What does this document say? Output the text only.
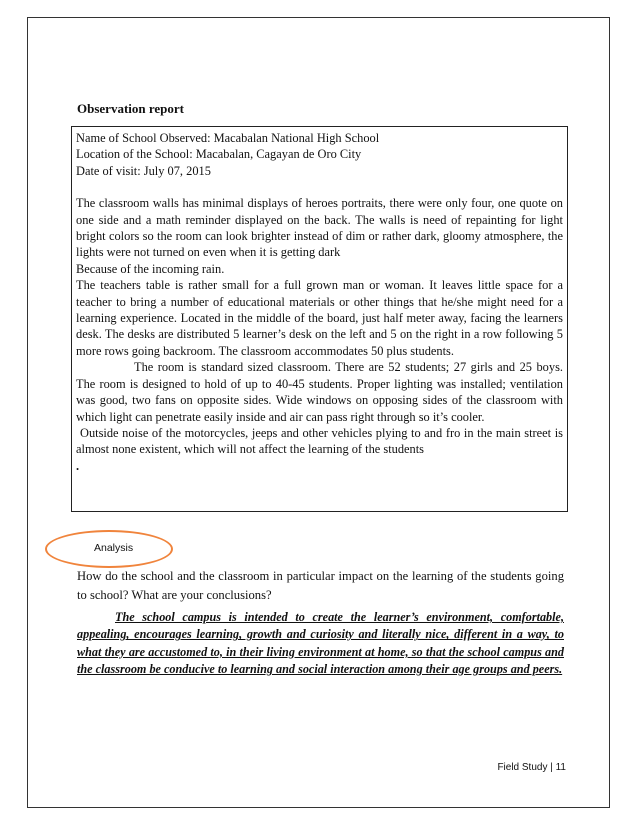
Observation report

Name of School Observed: Macabalan National High School

Location of the School: Macabalan, Cagayan de Oro City

Date of visit: July 07, 2015

The classroom walls has minimal displays of heroes portraits, there were only four, one quote on one side and a math reminder displayed on the back. The walls is need of repainting for light bright colors so the room can look brighter instead of dim or rather dark, gloomy atmosphere, the lights were not turned on even when it is getting dark

Because of the incoming rain.

The teachers table is rather small for a full grown man or woman. It leaves little space for a teacher to bring a number of educational materials or other things that he/she might need for a learning experience. Located in the middle of the board, just half meter away, facing the learners desk. The desks are distributed 5 learner’s desk on the left and 5 on the right in a row following 5 more rows going backroom. The classroom accommodates 50 plus students.

The room is standard sized classroom. There are 52 students; 27 girls and 25 boys. The room is designed to hold of up to 40-45 students. Proper lighting was installed; ventilation was good, two fans on opposite sides. Wide windows on opposing sides of the classroom with which light can penetrate easily inside and air can pass right through so it’s cooler.

Outside noise of the motorcycles, jeeps and other vehicles plying to and fro in the main street is almost none existent, which will not affect the learning of the students

.

Analysis
How do the school and the classroom in particular impact on the learning of the students going to school? What are your conclusions?
The school campus is intended to create the learner’s environment, comfortable, appealing, encourages learning, growth and curiosity and literally nice, different in a way, to what they are accustomed to, in their living environment at home, so that the school campus and the classroom be conducive to learning and social interaction among their age groups and peers.
Field Study | 11
